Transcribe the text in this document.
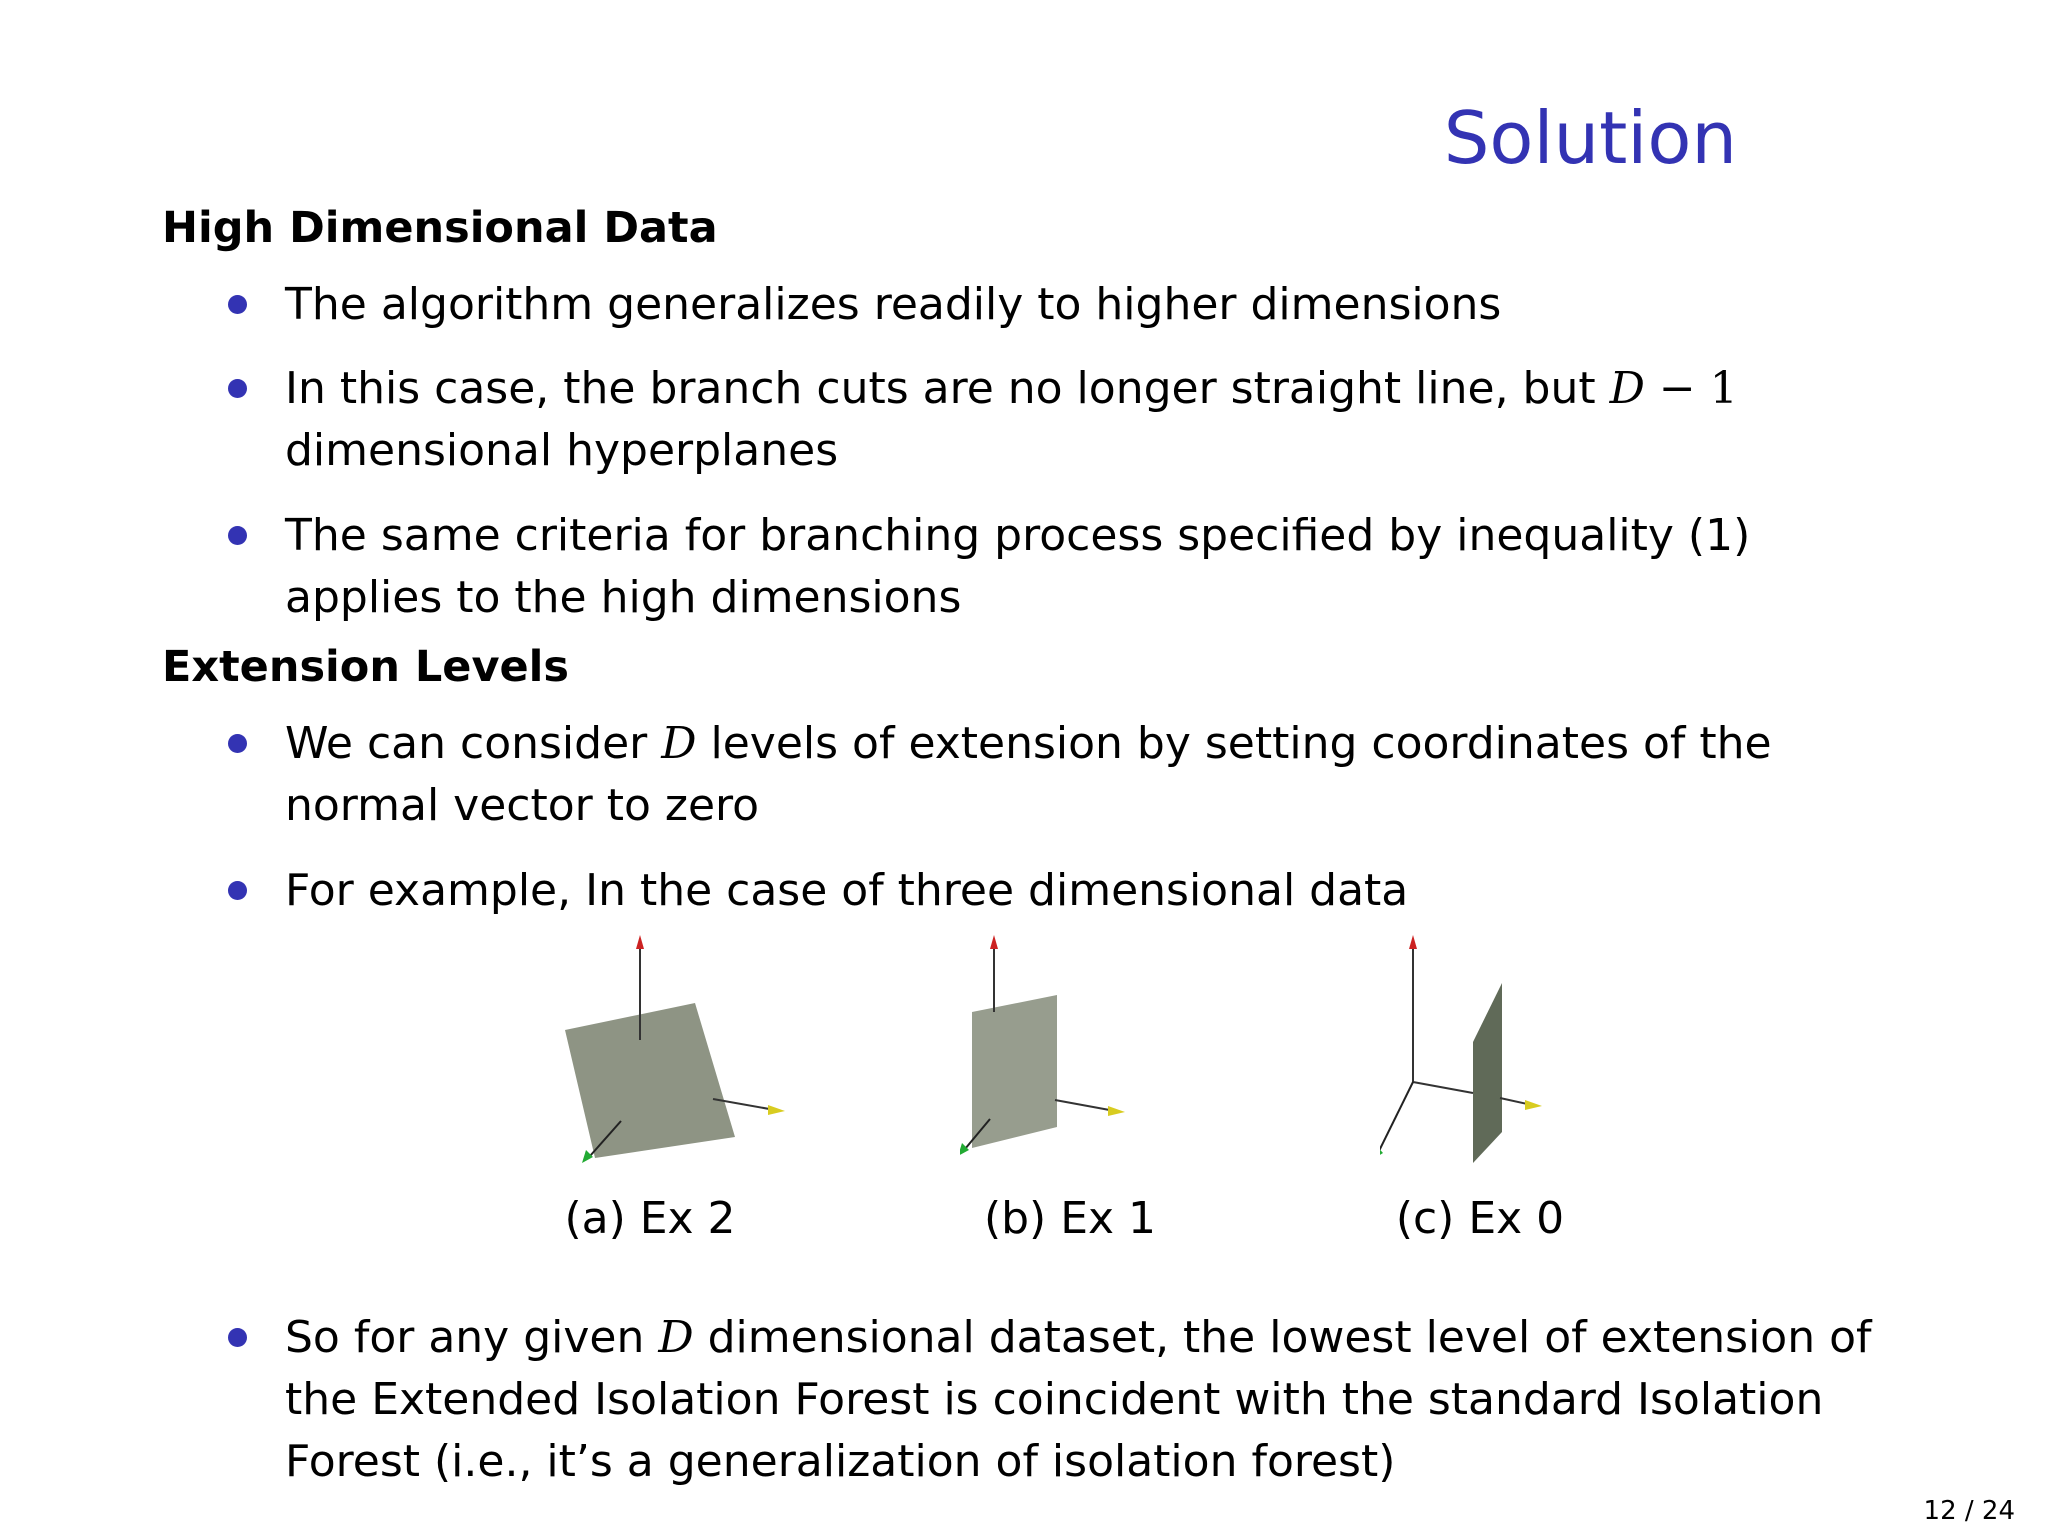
Solution
High Dimensional Data
The algorithm generalizes readily to higher dimensions
In this case, the branch cuts are no longer straight line, but D − 1
dimensional hyperplanes
The same criteria for branching process specified by inequality (1) applies to the high dimensions
Extension Levels
We can consider D levels of extension by setting coordinates of the normal vector to zero
For example, In the case of three dimensional data
(a) Ex 2	(b) Ex 1	(c) Ex 0
So for any given D dimensional dataset, the lowest level of extension of the Extended Isolation Forest is coincident with the standard Isolation Forest (i.e., it’s a generalization of isolation forest)
12 / 24
